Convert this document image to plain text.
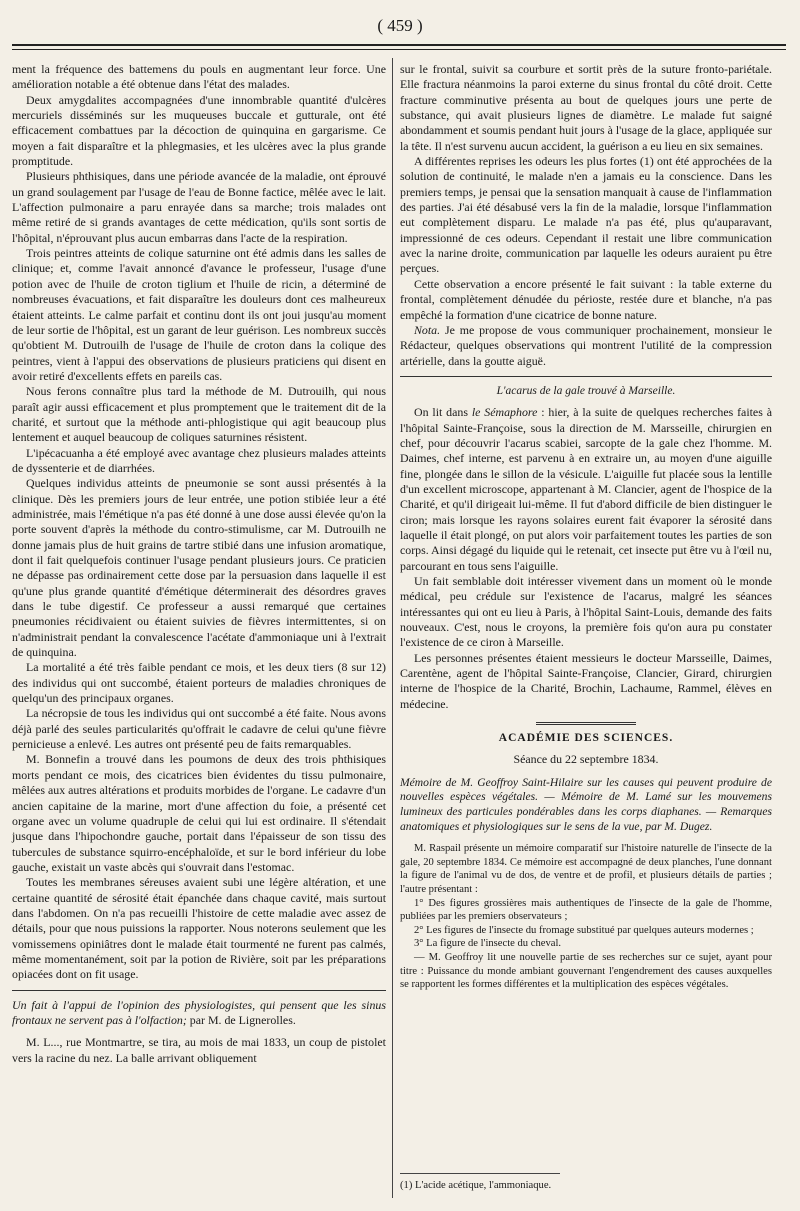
( 459 )

ment la fréquence des battemens du pouls en augmentant leur force. Une amélioration notable a été obtenue dans l'état des malades.

Deux amygdalites accompagnées d'une innombrable quantité d'ulcères mercuriels disséminés sur les muqueuses buccale et gutturale, ont été efficacement combattues par la décoction de quinquina en gargarisme. Ce moyen a fait disparaître et la phlegmasies, et les ulcères avec la plus grande promptitude.

Plusieurs phthisiques, dans une période avancée de la maladie, ont éprouvé un grand soulagement par l'usage de l'eau de Bonne factice, mêlée avec le lait. L'affection pulmonaire a paru enrayée dans sa marche; trois malades ont même retiré de si grands avantages de cette médication, qu'ils sont sortis de l'hôpital, n'éprouvant plus aucun embarras dans l'acte de la respiration.

Trois peintres atteints de colique saturnine ont été admis dans les salles de clinique; et, comme l'avait annoncé d'avance le professeur, l'usage d'une potion avec de l'huile de croton tiglium et l'huile de ricin, a déterminé de nombreuses évacuations, et fait disparaître les douleurs dont ces malheureux étaient atteints. Le calme parfait et continu dont ils ont joui jusqu'au moment de leur sortie de l'hôpital, est un garant de leur guérison. Les nombreux succès qu'obtient M. Dutrouilh de l'usage de l'huile de croton dans la colique des peintres, vient à l'appui des observations de plusieurs praticiens qui disent en avoir retiré d'excellents effets en pareils cas.

Nous ferons connaître plus tard la méthode de M. Dutrouilh, qui nous paraît agir aussi efficacement et plus promptement que le traitement dit de la charité, et surtout que la méthode anti-phlogistique qui agit beaucoup plus lentement et auquel beaucoup de coliques saturnines résistent.

L'ipécacuanha a été employé avec avantage chez plusieurs malades atteints de dyssenterie et de diarrhées.

Quelques individus atteints de pneumonie se sont aussi présentés à la clinique. Dès les premiers jours de leur entrée, une potion stibiée leur a été administrée, mais l'émétique n'a pas été donné à une dose aussi élevée qu'on la porte souvent d'après la méthode du contro-stimulisme, car M. Dutrouilh ne donne jamais plus de huit grains de tartre stibié dans une infusion aromatique, dont il fait quelquefois continuer l'usage pendant plusieurs jours. Ce praticien ne dépasse pas ordinairement cette dose par la persuasion dans laquelle il est qu'une plus grande quantité d'émétique déterminerait des désordres graves dans le tube digestif. Ce professeur a aussi remarqué que certaines pneumonies récidivaient ou étaient suivies de fièvres intermittentes, si on n'administrait pendant la convalescence l'acétate d'ammoniaque uni à l'extrait de quinquina.

La mortalité a été très faible pendant ce mois, et les deux tiers (8 sur 12) des individus qui ont succombé, étaient porteurs de maladies chroniques de quelqu'un des principaux organes.

La nécropsie de tous les individus qui ont succombé a été faite. Nous avons déjà parlé des seules particularités qu'offrait le cadavre de celui qu'une fièvre pernicieuse a enlevé. Les autres ont présenté peu de faits remarquables.

M. Bonnefin a trouvé dans les poumons de deux des trois phthisiques morts pendant ce mois, des cicatrices bien évidentes du tissu pulmonaire, mêlées aux autres altérations et produits morbides de l'organe. Le cadavre d'un ancien capitaine de la marine, mort d'une affection du foie, a présenté cet organe avec un volume quadruple de celui qui lui est ordinaire. Il s'étendait jusque dans l'hipochondre gauche, portait dans l'épaisseur de son tissu des tubercules de substance squirro-encéphaloïde, et sur le bord inférieur du lobe gauche, existait un vaste abcès qui s'ouvrait dans l'estomac.

Toutes les membranes séreuses avaient subi une légère altération, et une certaine quantité de sérosité était épanchée dans chaque cavité, mais surtout dans l'abdomen. On n'a pas recueilli l'histoire de cette maladie avec assez de détails, pour que nous puissions la rapporter. Nous noterons seulement que les vomissemens opiniâtres dont le malade était tourmenté ne furent pas calmés, même momentanément, soit par la potion de Rivière, soit par les préparations opiacées dont on fit usage.

Un fait à l'appui de l'opinion des physiologistes, qui pensent que les sinus frontaux ne servent pas à l'olfaction; par M. de Lignerolles.

M. L..., rue Montmartre, se tira, au mois de mai 1833, un coup de pistolet vers la racine du nez. La balle arrivant obliquement

sur le frontal, suivit sa courbure et sortit près de la suture fronto-pariétale. Elle fractura néanmoins la paroi externe du sinus frontal du côté droit. Cette fracture comminutive présenta au bout de quelques jours une perte de substance, qui avait plusieurs lignes de diamètre. Le malade fut saigné abondamment et soumis pendant huit jours à l'usage de la glace, appliquée sur la tête. Il n'est survenu aucun accident, la guérison a eu lieu en six semaines.

A différentes reprises les odeurs les plus fortes (1) ont été approchées de la solution de continuité, le malade n'en a jamais eu la conscience. Dans les premiers temps, je pensai que la sensation manquait à cause de l'inflammation des parties. J'ai été désabusé vers la fin de la maladie, lorsque l'inflammation eut complètement disparu. Le malade n'a pas été, plus qu'auparavant, impressionné de ces odeurs. Cependant il restait une libre communication avec la narine droite, communication par laquelle les odeurs auraient pu être perçues.

Cette observation a encore présenté le fait suivant : la table externe du frontal, complètement dénudée du périoste, restée dure et blanche, n'a pas empêché la formation d'une cicatrice de bonne nature.

Nota. Je me propose de vous communiquer prochainement, monsieur le Rédacteur, quelques observations qui montrent l'utilité de la compression artérielle, dans la goutte aiguë.

L'acarus de la gale trouvé à Marseille.

On lit dans le Sémaphore : hier, à la suite de quelques recherches faites à l'hôpital Sainte-Françoise, sous la direction de M. Marsseille, chirurgien en chef, pour découvrir l'acarus scabiei, sarcopte de la gale chez l'homme. M. Daimes, chef interne, est parvenu à en extraire un, au moyen d'une aiguille fine, plongée dans le sillon de la vésicule. L'aiguille fut placée sous la lentille d'un excellent microscope, appartenant à M. Clancier, agent de l'hospice de la Charité, et qu'il dirigeait lui-même. Il fut d'abord difficile de bien distinguer le ciron; mais lorsque les rayons solaires eurent fait évaporer la sérosité dans laquelle il était plongé, on put alors voir parfaitement toutes les parties de son corps. Ainsi dégagé du liquide qui le retenait, cet insecte put être vu à l'œil nu, parcourant en tous sens l'aiguille.

Un fait semblable doit intéresser vivement dans un moment où le monde médical, peu crédule sur l'existence de l'acarus, malgré les séances intéressantes qui ont eu lieu à Paris, à l'hôpital Saint-Louis, demande des faits nouveaux. C'est, nous le croyons, la première fois qu'on aura pu constater l'existence de ce ciron à Marseille.

Les personnes présentes étaient messieurs le docteur Marsseille, Daimes, Carentène, agent de l'hôpital Sainte-Françoise, Clancier, Girard, chirurgien interne de l'hospice de la Charité, Brochin, Lachaume, Rammel, élèves en médecine.

ACADÉMIE DES SCIENCES.
Séance du 22 septembre 1834.

Mémoire de M. Geoffroy Saint-Hilaire sur les causes qui peuvent produire de nouvelles espèces végétales. — Mémoire de M. Lamé sur les mouvemens lumineux des particules pondérables dans les corps diaphanes. — Remarques anatomiques et physiologiques sur le sens de la vue, par M. Dugez.

M. Raspail présente un mémoire comparatif sur l'histoire naturelle de l'insecte de la gale, 20 septembre 1834. Ce mémoire est accompagné de deux planches, l'une donnant la figure de l'animal vu de dos, de ventre et de profil, et plusieurs détails de parties ; l'autre présentant :

1° Des figures grossières mais authentiques de l'insecte de la gale de l'homme, publiées par les premiers observateurs ;

2° Les figures de l'insecte du fromage substitué par quelques auteurs modernes ;

3° La figure de l'insecte du cheval.

— M. Geoffroy lit une nouvelle partie de ses recherches sur ce sujet, ayant pour titre : Puissance du monde ambiant gouvernant l'engendrement des causes auxquelles se rapportent les formes différentes et la multiplication des espèces végétales.

(1) L'acide acétique, l'ammoniaque.
